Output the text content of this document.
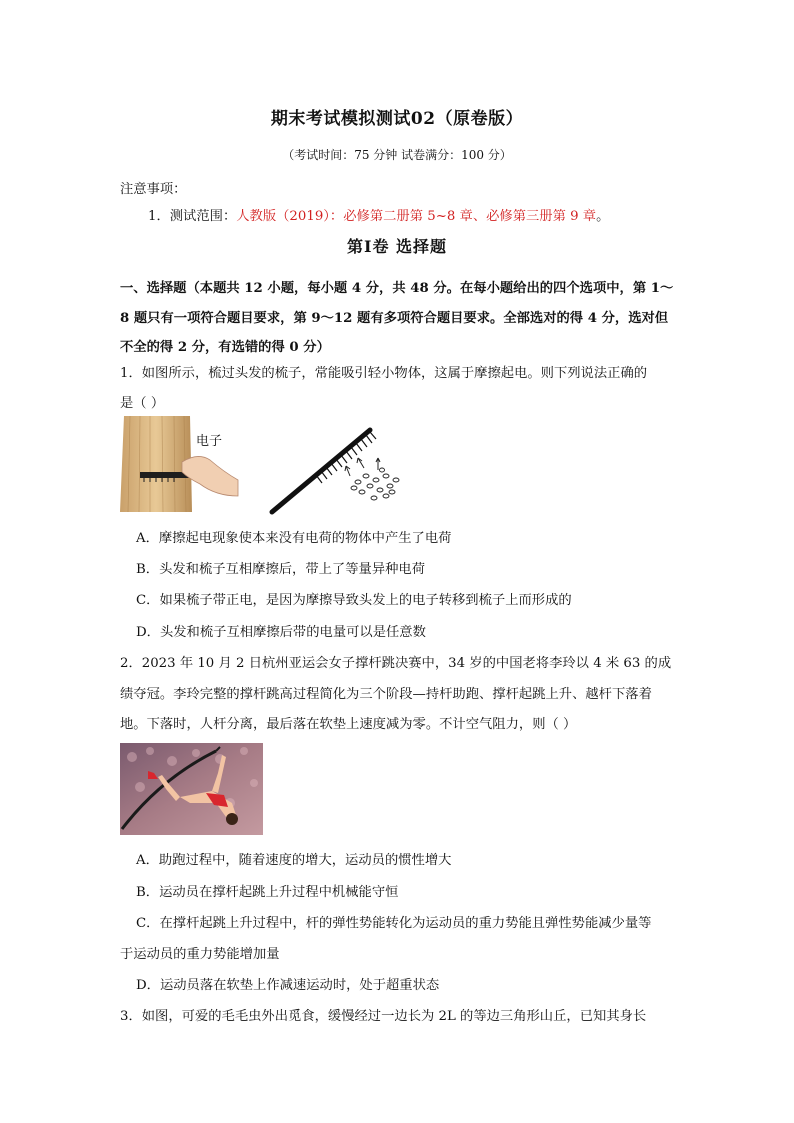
期末考试模拟测试02（原卷版）
（考试时间：75 分钟 试卷满分：100 分）
注意事项：
1．测试范围：人教版（2019）：必修第二册第 5~8 章、必修第三册第 9 章。
第Ⅰ卷 选择题
一、选择题（本题共 12 小题，每小题 4 分，共 48 分。在每小题给出的四个选项中，第 1～
8 题只有一项符合题目要求，第 9～12 题有多项符合题目要求。全部选对的得 4 分，选对但
不全的得 2 分，有选错的得 0 分）
1．如图所示，梳过头发的梳子，常能吸引轻小物体，这属于摩擦起电。则下列说法正确的
是（ ）
电子
A．摩擦起电现象使本来没有电荷的物体中产生了电荷
B．头发和梳子互相摩擦后，带上了等量异种电荷
C．如果梳子带正电，是因为摩擦导致头发上的电子转移到梳子上而形成的
D．头发和梳子互相摩擦后带的电量可以是任意数
2．2023 年 10 月 2 日杭州亚运会女子撑杆跳决赛中，34 岁的中国老将李玲以 4 米 63 的成
绩夺冠。李玲完整的撑杆跳高过程简化为三个阶段—持杆助跑、撑杆起跳上升、越杆下落着
地。下落时，人杆分离，最后落在软垫上速度减为零。不计空气阻力，则（ ）
A．助跑过程中，随着速度的增大，运动员的惯性增大
B．运动员在撑杆起跳上升过程中机械能守恒
C．在撑杆起跳上升过程中，杆的弹性势能转化为运动员的重力势能且弹性势能减少量等
于运动员的重力势能增加量
D．运动员落在软垫上作减速运动时，处于超重状态
3．如图，可爱的毛毛虫外出觅食，缓慢经过一边长为 2L 的等边三角形山丘，已知其身长
